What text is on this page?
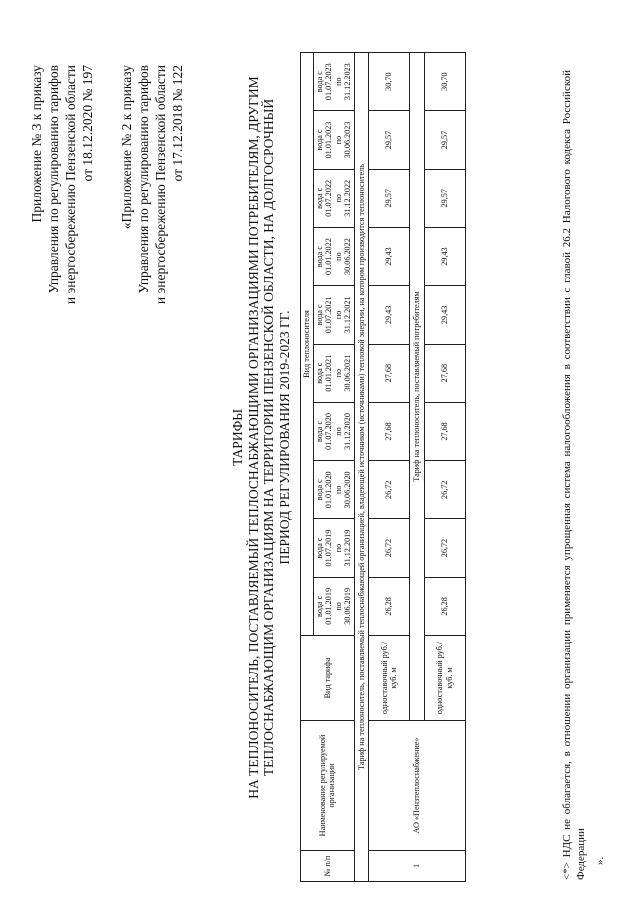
Приложение № 3 к приказу Управления по регулированию тарифов и энергосбережению Пензенской области от 18.12.2020 № 197 «Приложение № 2 к приказу Управления по регулированию тарифов и энергосбережению Пензенской области от 17.12.2018 № 122
ТАРИФЫ НА ТЕПЛОНОСИТЕЛЬ, ПОСТАВЛЯЕМЫЙ ТЕПЛОСНАБЖАЮЩИМИ ОРГАНИЗАЦИЯМИ ПОТРЕБИТЕЛЯМ, ДРУГИМ ТЕПЛОСНАБЖАЮЩИМ ОРГАНИЗАЦИЯМ НА ТЕРРИТОРИИ ПЕНЗЕНСКОЙ ОБЛАСТИ, НА ДОЛГОСРОЧНЫЙ ПЕРИОД РЕГУЛИРОВАНИЯ 2019-2023 ГГ.
№ п/п	Наименование регулируемой организации	Вид тарифа	Вид теплоносителя									

			вода с 01.01.2019 по 30.06.2019	вода с 01.07.2019 по 31.12.2019	вода с 01.01.2020 по 30.06.2020	вода с 01.07.2020 по 31.12.2020	вода с 01.01.2021 по 30.06.2021	вода с 01.07.2021 по 31.12.2021	вода с 01.01.2022 по 30.06.2022	вода с 01.07.2022 по 31.12.2022	вода с 01.01.2023 по 30.06.2023	вода с 01.07.2023 по 31.12.2023

Тариф на теплоноситель, поставляемый теплоснабжающей организацией, владеющей источником (источниками) тепловой энергии, на котором производится теплоноситель												
1	АО «Пензтеплоснабжение»	одноставочный руб./куб. м	26,28	26,72	26,72	27,68	27,68	29,43	29,43	29,57	29,57	30,70
		Тариф на теплоноситель, поставляемый потребителям										
		одноставочный руб./куб. м	26,28	26,72	26,72	27,68	27,68	29,43	29,43	29,57	29,57	30,70	<*> НДС не облагается, в отношении организации применяется упрощенная система налогообложения в соответствии с главой 26.2 Налогового кодекса Российской Федерации ».
